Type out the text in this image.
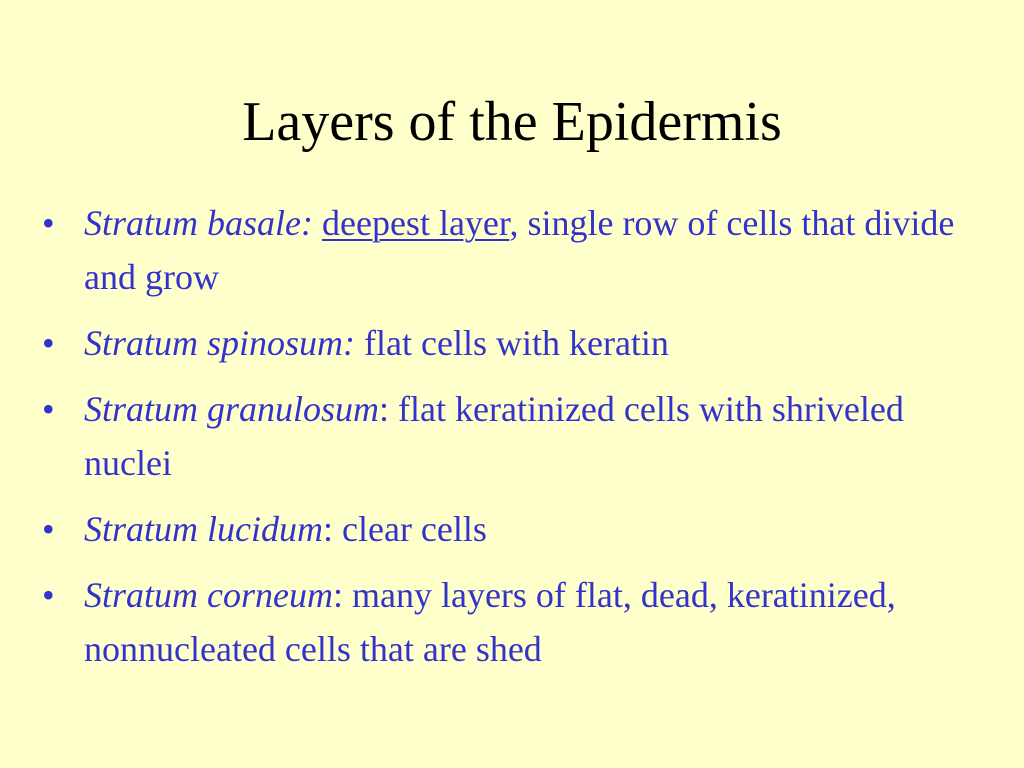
Layers of the Epidermis
• Stratum basale: deepest layer, single row of cells that divide and grow
• Stratum spinosum: flat cells with keratin
• Stratum granulosum: flat keratinized cells with shriveled nuclei
• Stratum lucidum: clear cells
• Stratum corneum: many layers of flat, dead, keratinized, nonnucleated cells that are shed
